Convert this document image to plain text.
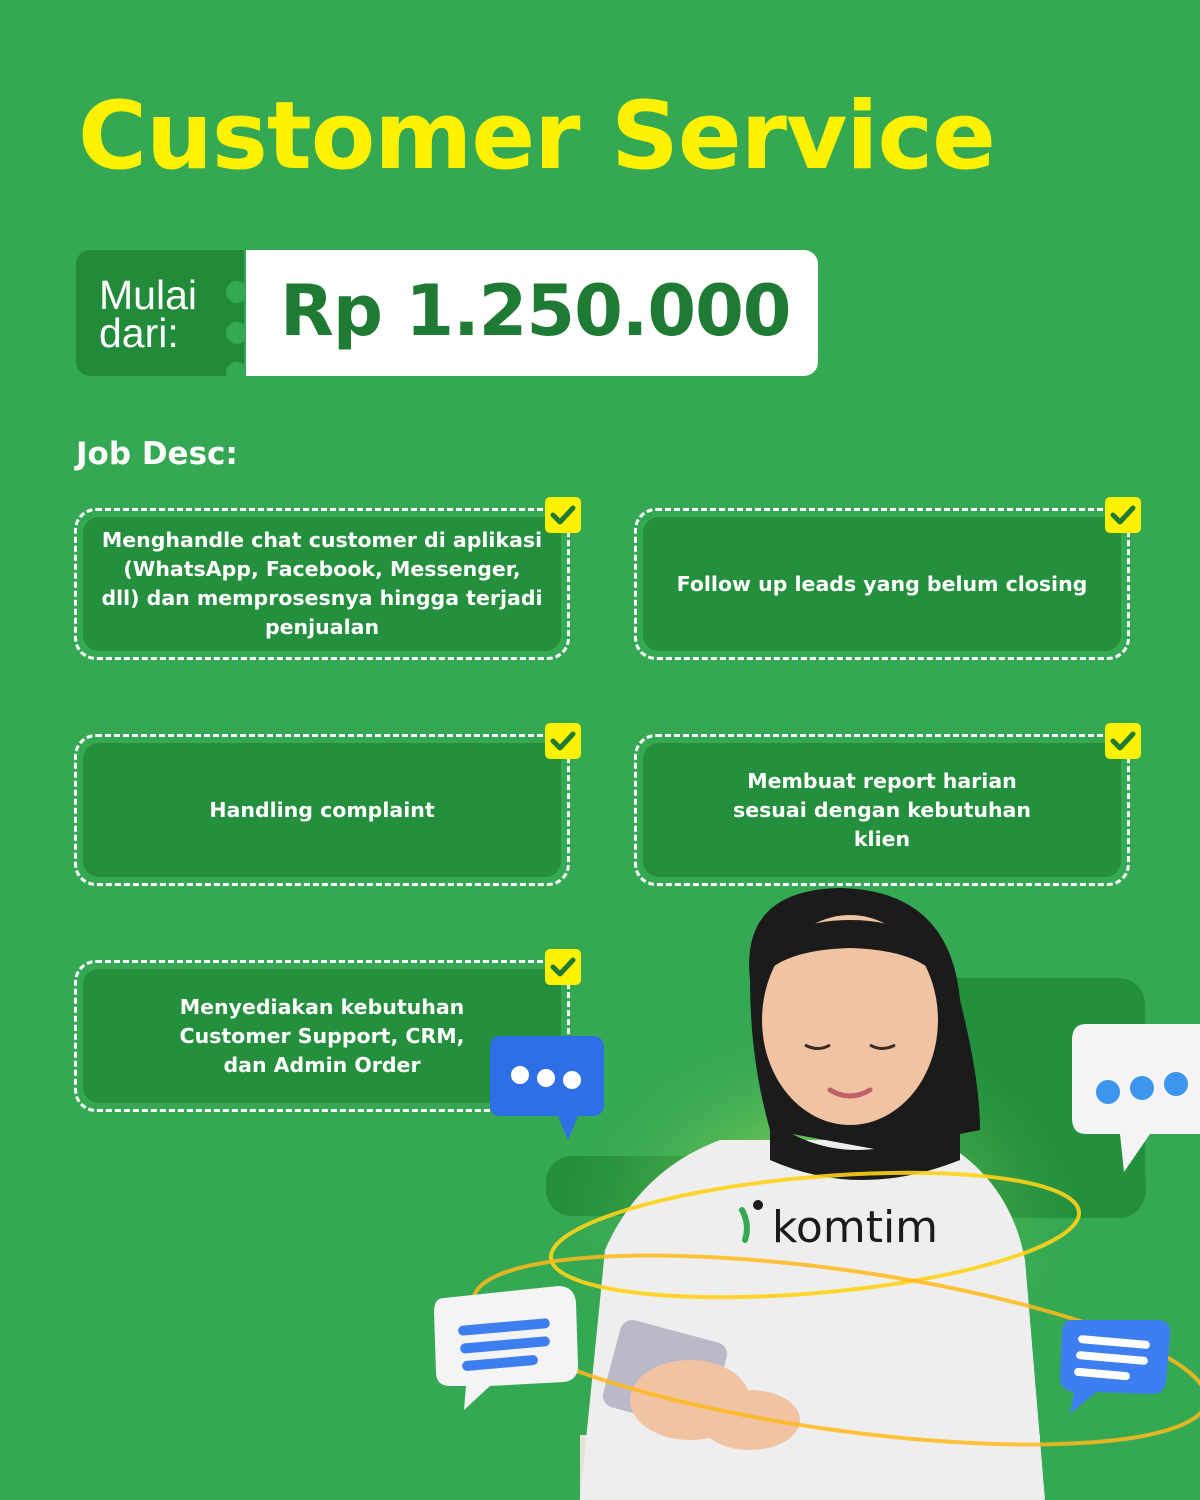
Customer Service
Mulai
dari: Rp 1.250.000
Job Desc:
Menghandle chat customer di aplikasi (WhatsApp, Facebook, Messenger, dll) dan memprosesnya hingga terjadi penjualan
Follow up leads yang belum closing
Handling complaint
Membuat report harian sesuai dengan kebutuhan klien
Menyediakan kebutuhan Customer Support, CRM, dan Admin Order
komtim
